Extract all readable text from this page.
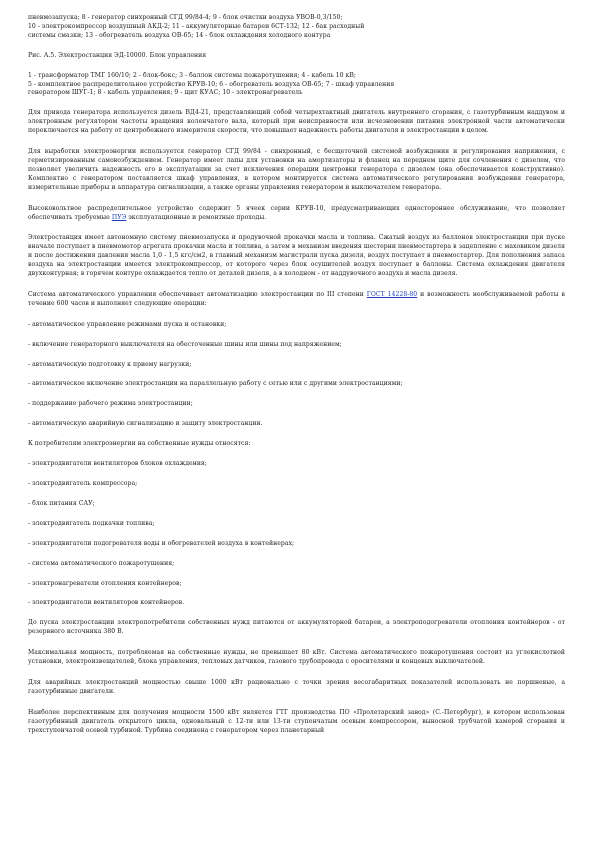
пневмозапуска; 8 - генератор синхронный СГД 99/84-4; 9 - блок очистки воздуха УВОВ-0,3/150;
10 - электрокомпрессор воздушный АКД-2; 11 - аккумуляторные батареи 6СТ-132; 12 - бак расходный
системы смазки; 13 - обогреватель воздуха ОВ-65; 14 - блок охлаждения холодного контура

Рис. А.5. Электростанция ЭД-10000. Блок управления

1 - трансформатор ТМГ 160/10; 2 - блок-бокс; 3 - баллон системы пожаротушения; 4 - кабель 10 кВ;
5 - комплектное распределительное устройство КРУВ-10; 6 - обогреватель воздуха ОВ-65; 7 - шкаф управления
генератором ШУГ-1; 8 - кабель управления; 9 - щит КУАС; 10 - электронагреватель

Для привода генератора используется дизель ВД4-21, представляющий собой четырехтактный двигатель внутреннего сгорания, с газотурбинным наддувом и электронным регулятором частоты вращения коленчатого вала, который при неисправности или исчезновении питания электронной части автоматически переключается на работу от центробежного измерителя скорости, что повышает надежность работы двигателя и электростанции в целом.

Для выработки электроэнергии используется генератор СГД 99/84 - синхронный, с бесщеточной системой возбуждения и регулирования напряжения, с герметизированным самовозбуждением. Генератор имеет лапы для установки на амортизаторы и фланец на переднем щите для сочленения с дизелем, что позволяет увеличить надежность его в эксплуатации за счет исключения операции центровки генератора с дизелем (она обеспечивается конструктивно). Комплектно с генератором поставляется шкаф управления, в котором монтируется система автоматического регулирования возбуждения генератора, измерительные приборы и аппаратура сигнализации, а также органы управления генератором и выключателем генератора.

Высоковольтное распределительное устройство содержит 5 ячеек серии КРУВ-10, предусматривающих одностороннее обслуживание, что позволяет обеспечивать требуемые ПУЭ эксплуатационные и ремонтные проходы.

Электростанция имеет автономную систему пневмозапуска и продувочной прокачки масла и топлива. Сжатый воздух из баллонов электростанции при пуске вначале поступает в пневмомотор агрегата прокачки масла и топлива, а затем в механизм введения шестерни пневмостартера в зацепление с маховиком дизеля и после достижения давления масла 1,0 - 1,5 кгс/см2, в главный механизм магистрали пуска дизеля, воздух поступает в пневмостартер. Для пополнения запаса воздуха на электростанции имеется электрокомпрессор, от которого через блок осушителей воздух поступает в баллоны. Система охлаждения двигателя двухконтурная; в горячем контуре охлаждается тепло от деталей дизеля, а в холодном - от наддувочного воздуха и масла дизеля.

Система автоматического управления обеспечивает автоматизацию электростанции по III степени ГОСТ 14228-80 и возможность необслуживаемой работы в течение 600 часов и выполняет следующие операции:

- автоматическое управление режимами пуска и остановки;

- включение генераторного выключателя на обесточенные шины или шины под напряжением;

- автоматическую подготовку к приему нагрузки;

- автоматическое включение электростанции на параллельную работу с сетью или с другими электростанциями;

- поддержание рабочего режима электростанции;

- автоматическую аварийную сигнализацию и защиту электростанции.

К потребителям электроэнергии на собственные нужды относятся:

- электродвигатели вентиляторов блоков охлаждения;

- электродвигатель компрессора;

- блок питания САУ;

- электродвигатель подкачки топлива;

- электродвигатели подогревателя воды и обогревателей воздуха в контейнерах;

- система автоматического пожаротушения;

- электронагреватели отопления контейнеров;

- электродвигатели вентиляторов контейнеров.

До пуска электростанции электропотребители собственных нужд питаются от аккумуляторной батареи, а электроподогреватели отопления контейнеров - от резервного источника 380 В.

Максимальная мощность, потребляемая на собственные нужды, не превышает 80 кВт. Система автоматического пожаротушения состоит из углекислотной установки, электроизвещателей, блока управления, тепловых датчиков, газового трубопровода с оросителями и концевых выключателей.

Для аварийных электростанций мощностью свыше 1000 кВт рационально с точки зрения весогабаритных показателей использовать не поршневые, а газотурбинные двигатели.

Наиболее перспективным для получения мощности 1500 кВт является ГТГ производства ПО «Пролетарский завод» (С.-Петербург), в котором использован газотурбинный двигатель открытого цикла, одновальный с 12-ти или 13-ти ступенчатым осевым компрессором, выносной трубчатой камерой сгорания и трехступенчатой осевой турбиной. Турбина соединена с генератором через планетарный
